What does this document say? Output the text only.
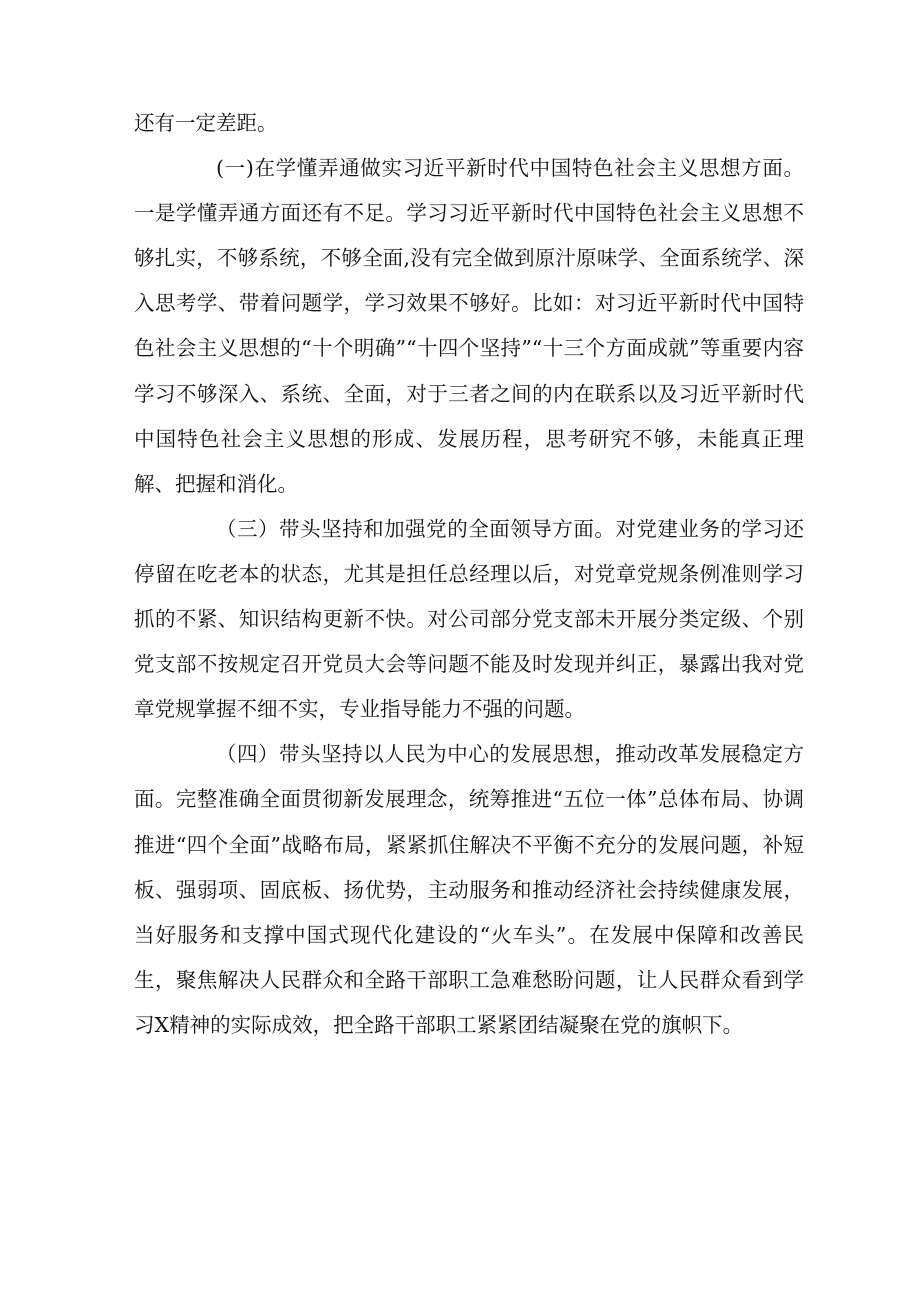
还有一定差距。

(一)在学懂弄通做实习近平新时代中国特色社会主义思想方面。一是学懂弄通方面还有不足。学习习近平新时代中国特色社会主义思想不够扎实，不够系统，不够全面,没有完全做到原汁原味学、全面系统学、深入思考学、带着问题学，学习效果不够好。比如：对习近平新时代中国特色社会主义思想的“十个明确”“十四个坚持”“十三个方面成就”等重要内容学习不够深入、系统、全面，对于三者之间的内在联系以及习近平新时代中国特色社会主义思想的形成、发展历程，思考研究不够，未能真正理解、把握和消化。

（三）带头坚持和加强党的全面领导方面。对党建业务的学习还停留在吃老本的状态，尤其是担任总经理以后，对党章党规条例准则学习抓的不紧、知识结构更新不快。对公司部分党支部未开展分类定级、个别党支部不按规定召开党员大会等问题不能及时发现并纠正，暴露出我对党章党规掌握不细不实，专业指导能力不强的问题。

（四）带头坚持以人民为中心的发展思想，推动改革发展稳定方面。完整准确全面贯彻新发展理念，统筹推进“五位一体”总体布局、协调推进“四个全面”战略布局，紧紧抓住解决不平衡不充分的发展问题，补短板、强弱项、固底板、扬优势，主动服务和推动经济社会持续健康发展，当好服务和支撑中国式现代化建设的“火车头”。在发展中保障和改善民生，聚焦解决人民群众和全路干部职工急难愁盼问题，让人民群众看到学习X精神的实际成效，把全路干部职工紧紧团结凝聚在党的旗帜下。
